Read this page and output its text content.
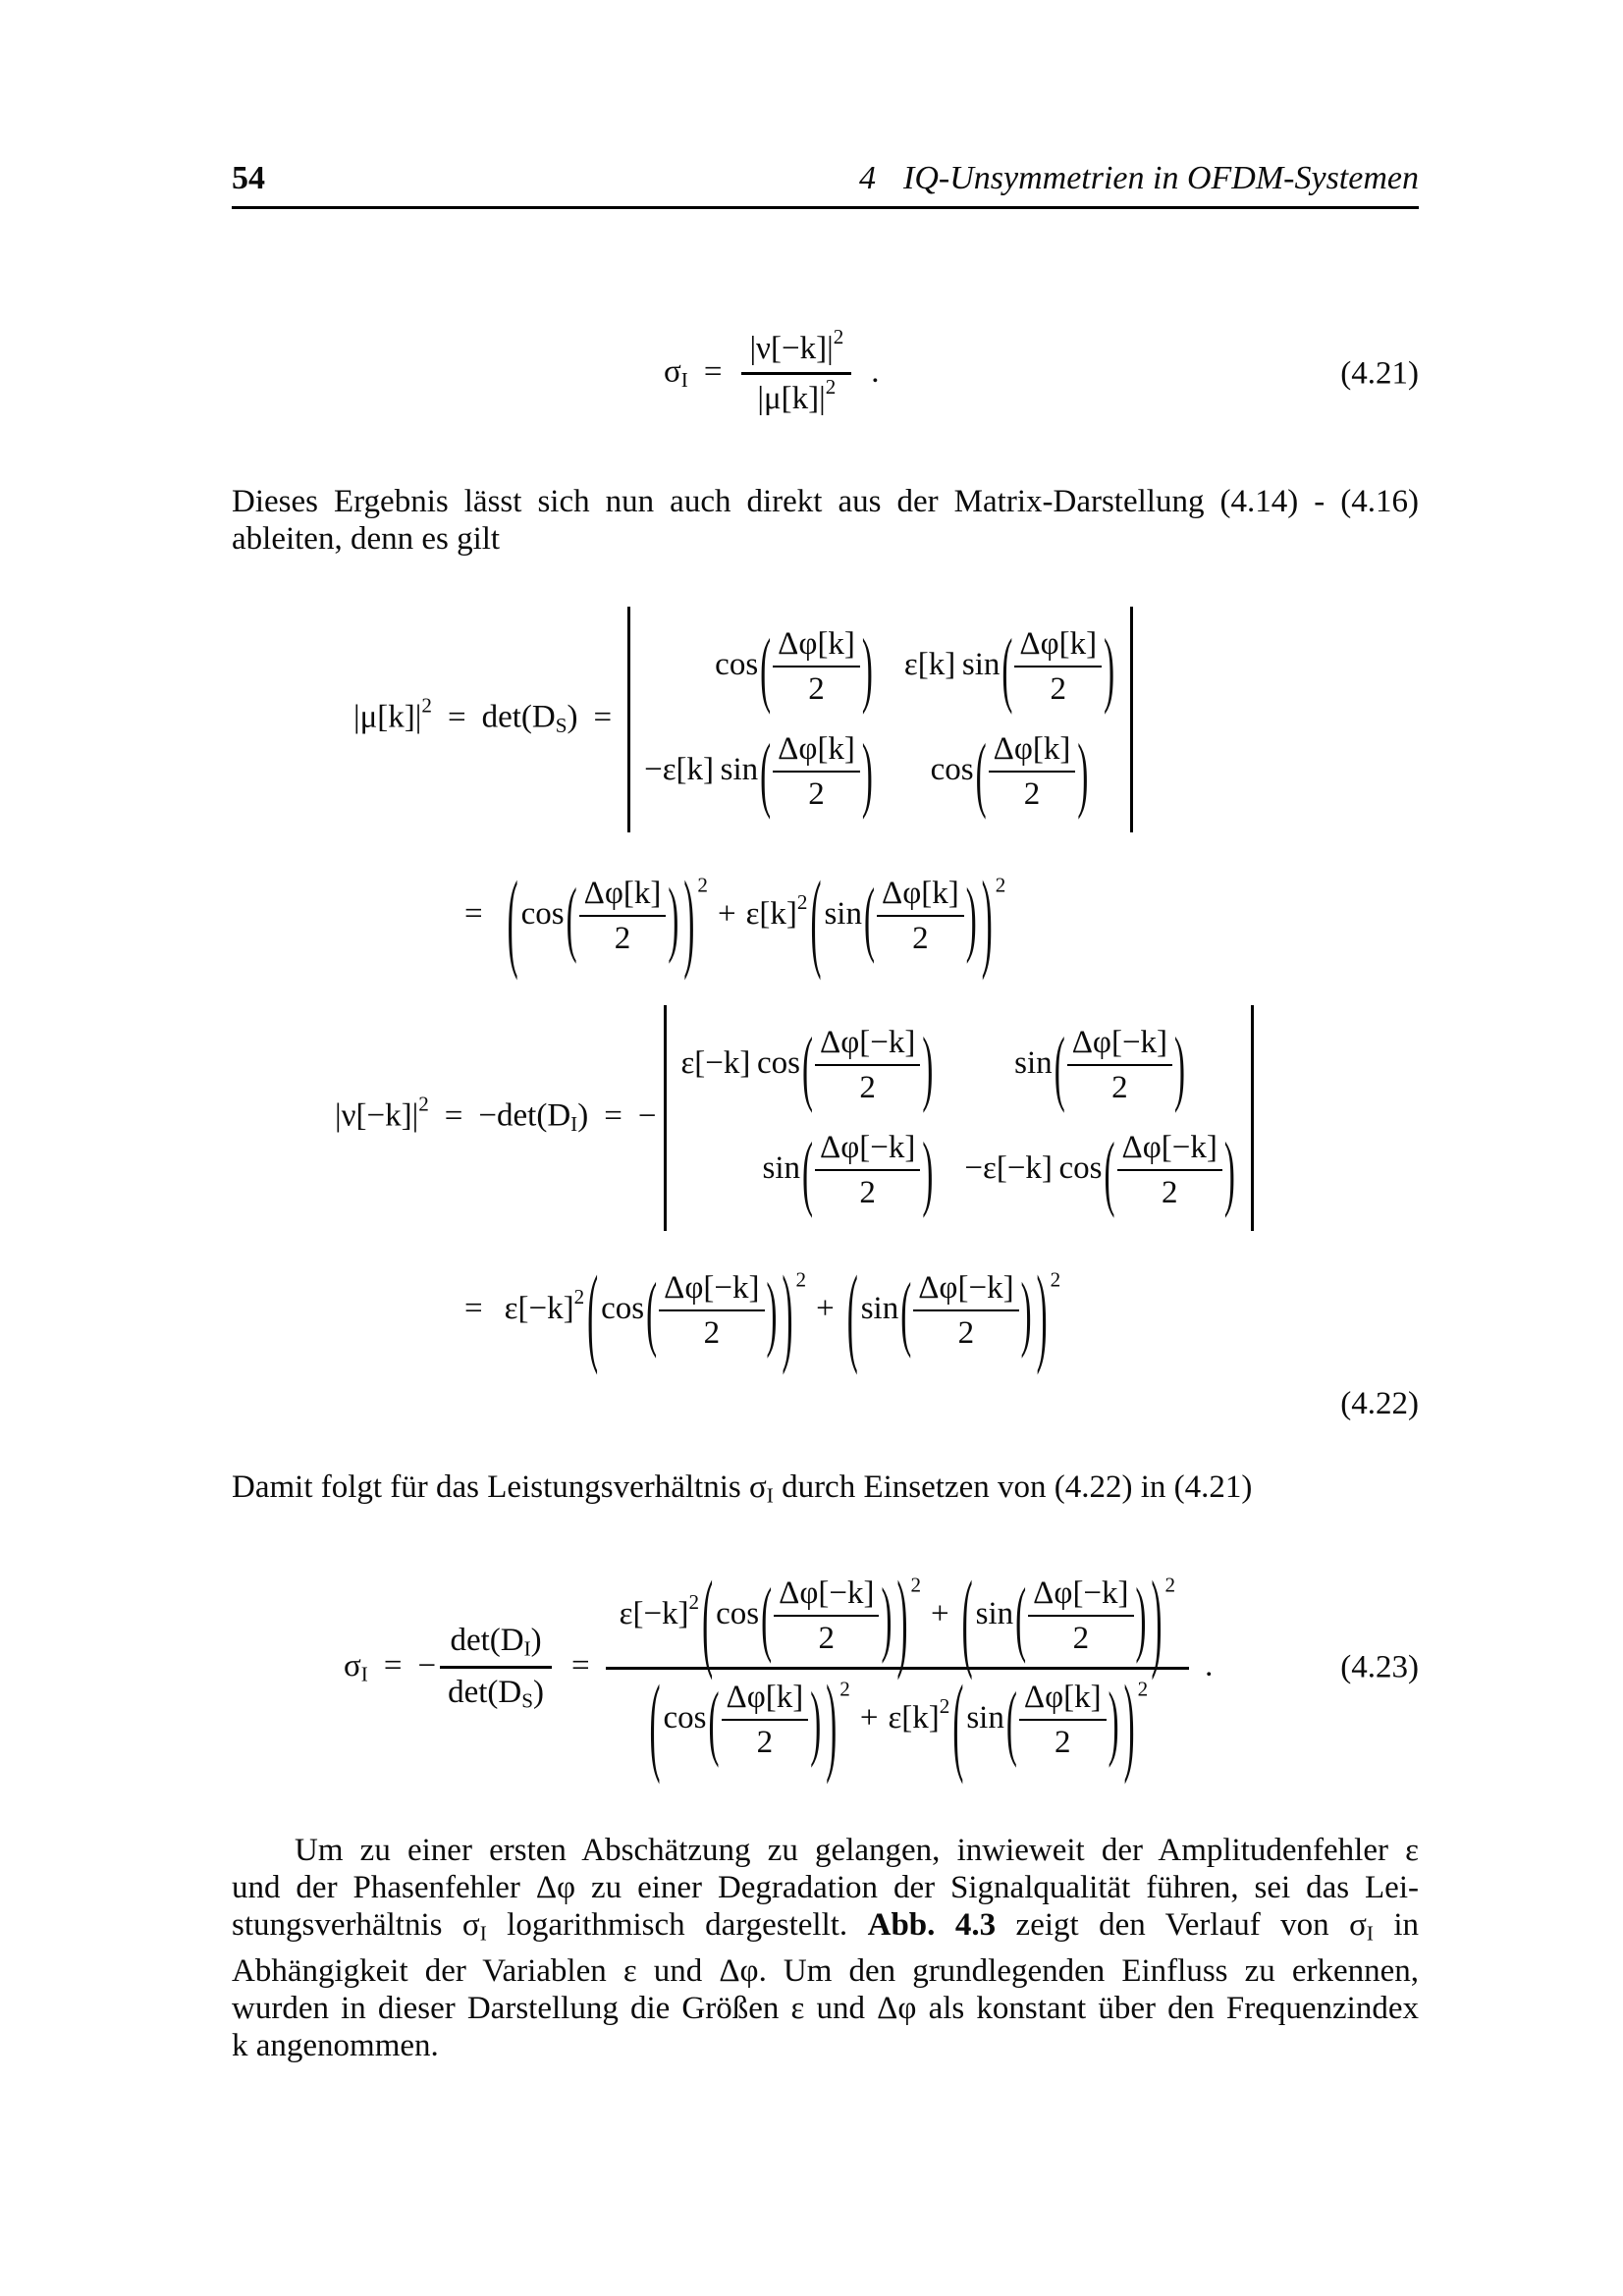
54	4 IQ-Unsymmetrien in OFDM-Systemen
$\sigma_I = \frac{|\nu[-k]|^2}{|\mu[k]|^2}$ .	(4.21)
Dieses Ergebnis lässt sich nun auch direkt aus der Matrix-Darstellung (4.14) - (4.16)
ableiten, denn es gilt
$|\mu[k]|^2 = \det(D_S)$ =
$\cos( \frac{\Delta\varphi[k]}{2}$ ) ε[k] $\sin( \frac{\Delta\varphi[k]}{2}$ )
−ε[k] $\sin( \frac{\Delta\varphi[k]}{2}$ ) $\cos( \frac{\Delta\varphi[k]}{2}$ )
= ($\cos( \frac{\Delta\varphi[k]}{2}$ ) ) $^2+ \varepsilon[k]^2(\sin( \frac{\Delta\varphi[k]}{2}$ ) ) $^2$
$|\nu[-k]|^2 = -\det(D_I)$ = −
ε[−k] $\cos( \frac{\Delta\varphi[-k]}{2}$ )	$\sin( \frac{\Delta\varphi[-k]}{2}$ )
$\sin( \frac{\Delta\varphi[-k]}{2}$ ) −ε[−k] $\cos( \frac{\Delta\varphi[-k]}{2}$ )
= $\varepsilon[-k]^2(\cos( \frac{\Delta\varphi[-k]}{2}$ ) ) $^2+ (\sin( \frac{\Delta\varphi[-k]}{2}$ ) ) $^2$
(4.22)
Damit folgt für das Leistungsverhältnis $\sigma_I$ durch Einsetzen von (4.22) in (4.21)
$\sigma_I$ = −
$\det(D_I)$
$\det(D_S)$
= $\frac{\varepsilon[-k]^2(\cos( \frac{\Delta\varphi[-k]}{2} ) ) ^2+ (\sin( \frac{\Delta\varphi[-k]}{2} ) ) ^2}{(\cos( \frac{\Delta\varphi[k]}{2} ) ) ^2+ \varepsilon[k]^2(\sin( \frac{\Delta\varphi[k]}{2} ) ) ^2}$ .	(4.23)
Um zu einer ersten Abschätzung zu gelangen, inwieweit der Amplitudenfehler ε
und der Phasenfehler Δφ zu einer Degradation der Signalqualität führen, sei das Lei-
stungsverhältnis $\sigma_I$ logarithmisch dargestellt. Abb. 4.3 zeigt den Verlauf von $\sigma_I$ in
Abhängigkeit der Variablen ε und Δφ. Um den grundlegenden Einfluss zu erkennen,
wurden in dieser Darstellung die Größen ε und Δφ als konstant über den Frequenzindex
k angenommen.
